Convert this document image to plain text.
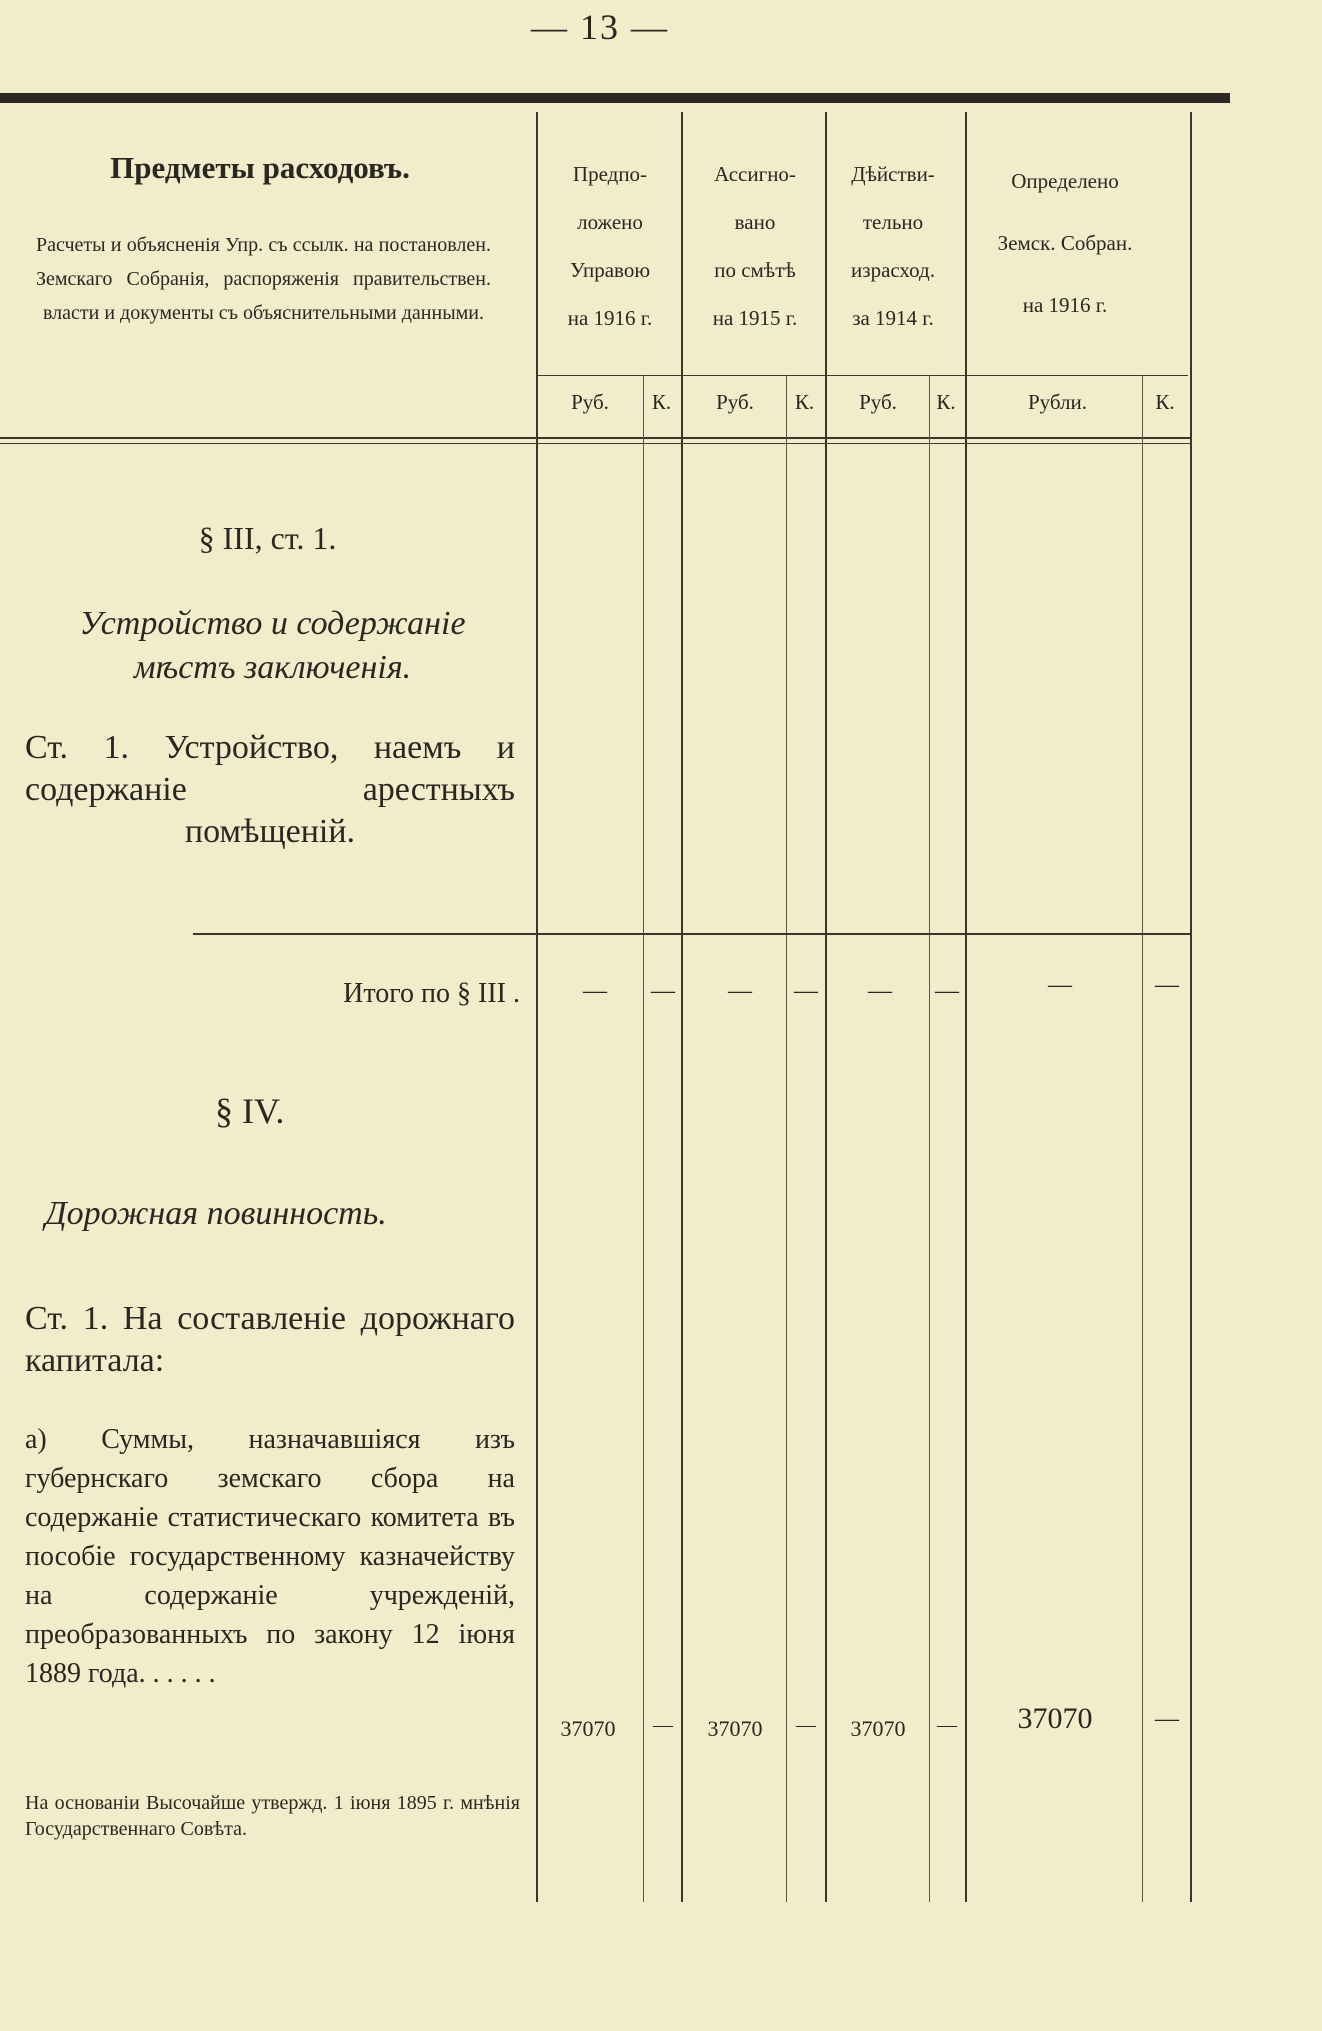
— 13 —
Предметы расходовъ.
Расчеты и объясненія Упр. съ ссылк. на постановлен. Земскаго Собранія, распоряженія правительствен. власти и документы съ объяснительными данными.
Предпо-
ложено
Управою
на 1916 г.
Ассигно-
вано
по смѣтѣ
на 1915 г.
Дѣйстви-
тельно
израсход.
за 1914 г.
Определено
Земск. Собран.
на 1916 г.
Руб.	К.	Руб.	К.	Руб.	К.	Рубли.	К.
§ III, ст. 1.
Устройство и содержаніе мѣстъ заключенія.
Ст. 1. Устройство, наемъ и содержаніе арестныхъ помѣщеній.
Итого по § III .	—	—	—	—	—	—	—	—
§ IV.
Дорожная повинность.
Ст. 1. На составленіе дорожнаго капитала:
а) Суммы, назначавшіяся изъ губернскаго земскаго сбора на содержаніе статистическаго комитета въ пособіе государственному казначейству на содержаніе учрежденій, преобразованныхъ по закону 12 іюня 1889 года. . . . . .
37070	—	37070	—	37070	—	37070	—
На основаніи Высочайше утвержд. 1 іюня 1895 г. мнѣнія Государственнаго Совѣта.
